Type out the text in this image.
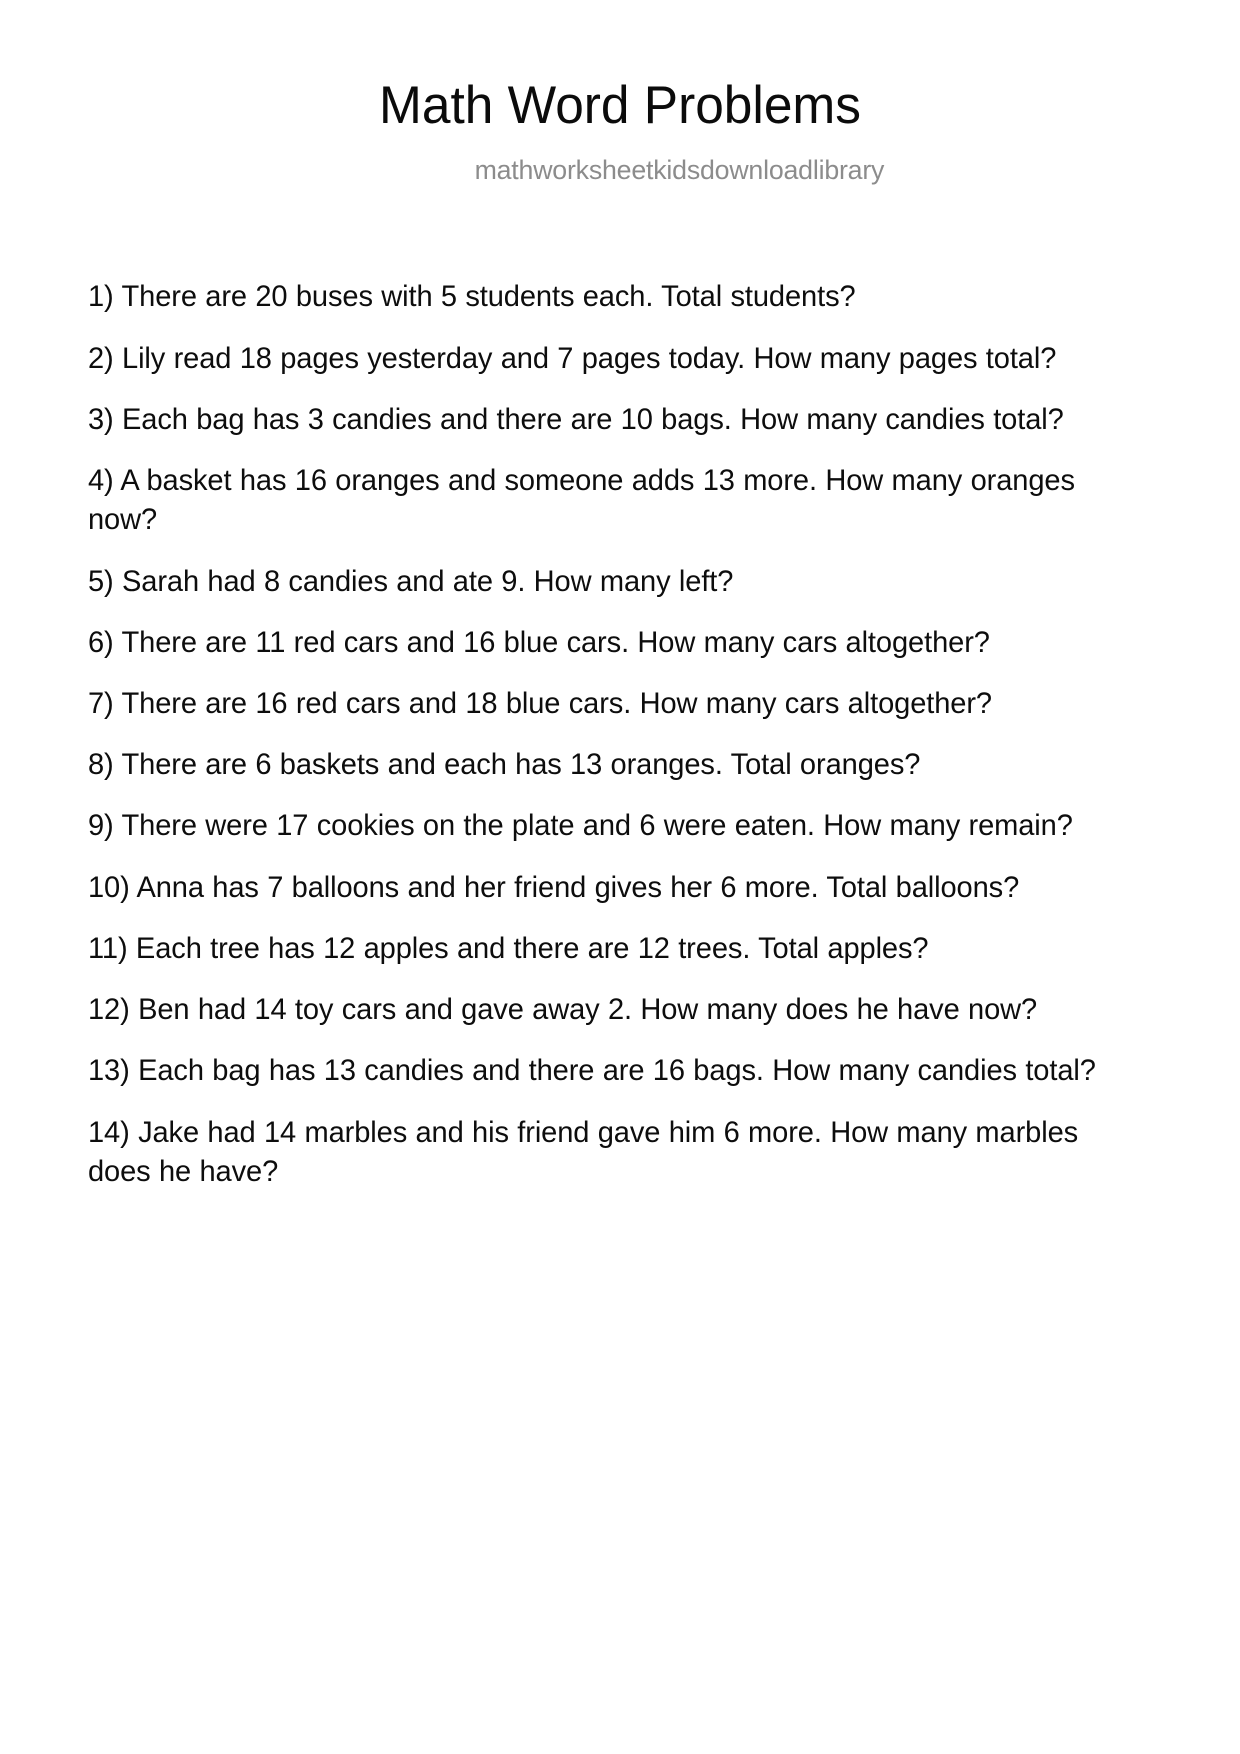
Math Word Problems
mathworksheetkidsdownloadlibrary
1) There are 20 buses with 5 students each. Total students?
2) Lily read 18 pages yesterday and 7 pages today. How many pages total?
3) Each bag has 3 candies and there are 10 bags. How many candies total?
4) A basket has 16 oranges and someone adds 13 more. How many oranges now?
5) Sarah had 8 candies and ate 9. How many left?
6) There are 11 red cars and 16 blue cars. How many cars altogether?
7) There are 16 red cars and 18 blue cars. How many cars altogether?
8) There are 6 baskets and each has 13 oranges. Total oranges?
9) There were 17 cookies on the plate and 6 were eaten. How many remain?
10) Anna has 7 balloons and her friend gives her 6 more. Total balloons?
11) Each tree has 12 apples and there are 12 trees. Total apples?
12) Ben had 14 toy cars and gave away 2. How many does he have now?
13) Each bag has 13 candies and there are 16 bags. How many candies total?
14) Jake had 14 marbles and his friend gave him 6 more. How many marbles does he have?
